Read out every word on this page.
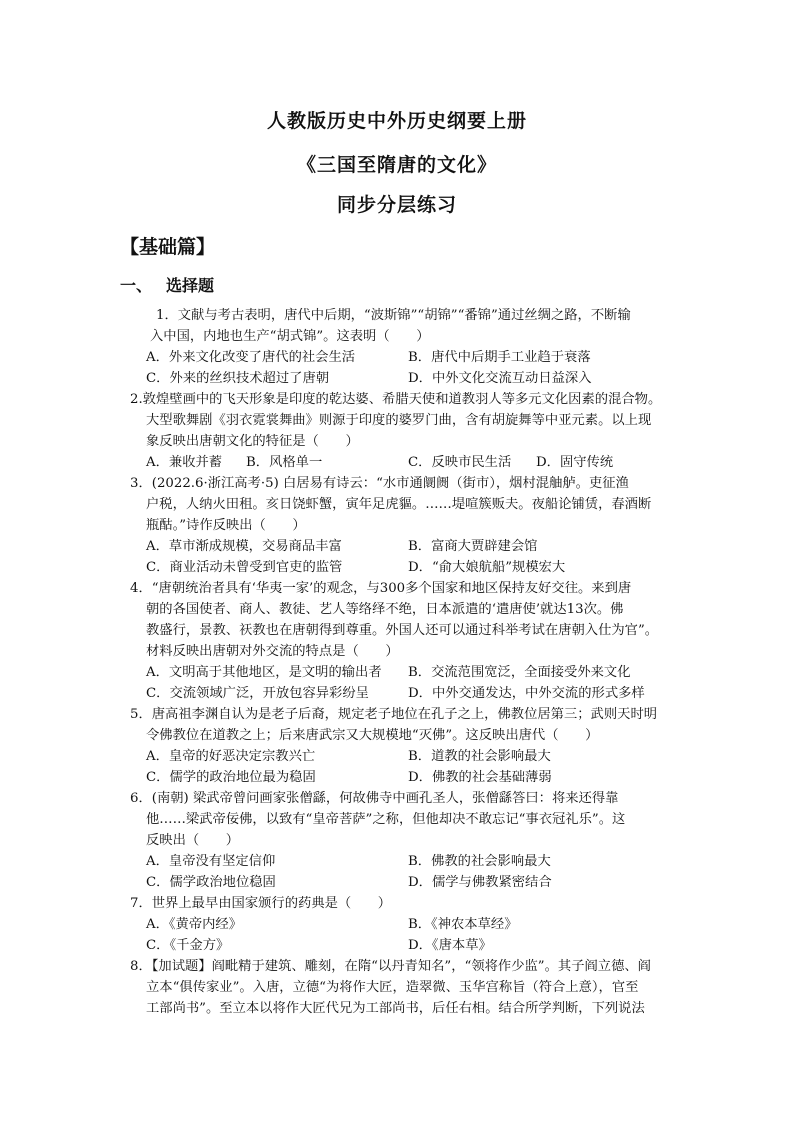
人教版历史中外历史纲要上册
《三国至隋唐的文化》
同步分层练习
【基础篇】
一、 选择题
1．文献与考古表明，唐代中后期，“波斯锦”“胡锦”“番锦”通过丝绸之路，不断输
入中国，内地也生产“胡式锦”。这表明（　　）
A．外来文化改变了唐代的社会生活	B．唐代中后期手工业趋于衰落
C．外来的丝织技术超过了唐朝	D．中外文化交流互动日益深入
2.敦煌壁画中的飞天形象是印度的乾达婆、希腊天使和道教羽人等多元文化因素的混合物。
大型歌舞剧《羽衣霓裳舞曲》则源于印度的婆罗门曲，含有胡旋舞等中亚元素。以上现
象反映出唐朝文化的特征是（　　）
A．兼收并蓄 B．风格单一	C．反映市民生活 D．固守传统
3．(2022.6·浙江高考·5) 白居易有诗云：“水市通阛阓（街市），烟村混舳舻。吏征渔
户税，人纳火田租。亥日饶虾蟹，寅年足虎貙。……堤喧簇贩夫。夜船论铺赁，春酒断
瓶酤。”诗作反映出（　　）
A．草市渐成规模，交易商品丰富	B．富商大贾辟建会馆
C．商业活动未曾受到官吏的监管	D．“俞大娘航船”规模宏大
4．“唐朝统治者具有‘华夷一家’的观念，与300多个国家和地区保持友好交往。来到唐
朝的各国使者、商人、教徒、艺人等络绎不绝，日本派遣的‘遣唐使’就达13次。佛
教盛行，景教、祆教也在唐朝得到尊重。外国人还可以通过科举考试在唐朝入仕为官”。
材料反映出唐朝对外交流的特点是（　　）
A．文明高于其他地区，是文明的输出者 B．交流范围宽泛，全面接受外来文化
C．交流领域广泛，开放包容异彩纷呈	D．中外交通发达，中外交流的形式多样
5．唐高祖李渊自认为是老子后裔，规定老子地位在孔子之上，佛教位居第三；武则天时明
令佛教位在道教之上；后来唐武宗又大规模地“灭佛”。这反映出唐代（　　）
A．皇帝的好恶决定宗教兴亡	B．道教的社会影响最大
C．儒学的政治地位最为稳固	D．佛教的社会基础薄弱
6．(南朝) 梁武帝曾问画家张僧繇，何故佛寺中画孔圣人，张僧繇答曰：将来还得靠
他……梁武帝佞佛，以致有“皇帝菩萨”之称，但他却决不敢忘记“事衣冠礼乐”。这
反映出（　　）
A．皇帝没有坚定信仰	B．佛教的社会影响最大
C．儒学政治地位稳固	D．儒学与佛教紧密结合
7．世界上最早由国家颁行的药典是（　　）
A．《黄帝内经》	B．《神农本草经》
C．《千金方》	D．《唐本草》
8．【加试题】阎毗精于建筑、雕刻，在隋“以丹青知名”，“领将作少监”。其子阎立德、阎
立本“俱传家业”。入唐，立德“为将作大匠，造翠微、玉华宫称旨（符合上意），官至
工部尚书”。至立本以将作大匠代兄为工部尚书，后任右相。结合所学判断，下列说法
